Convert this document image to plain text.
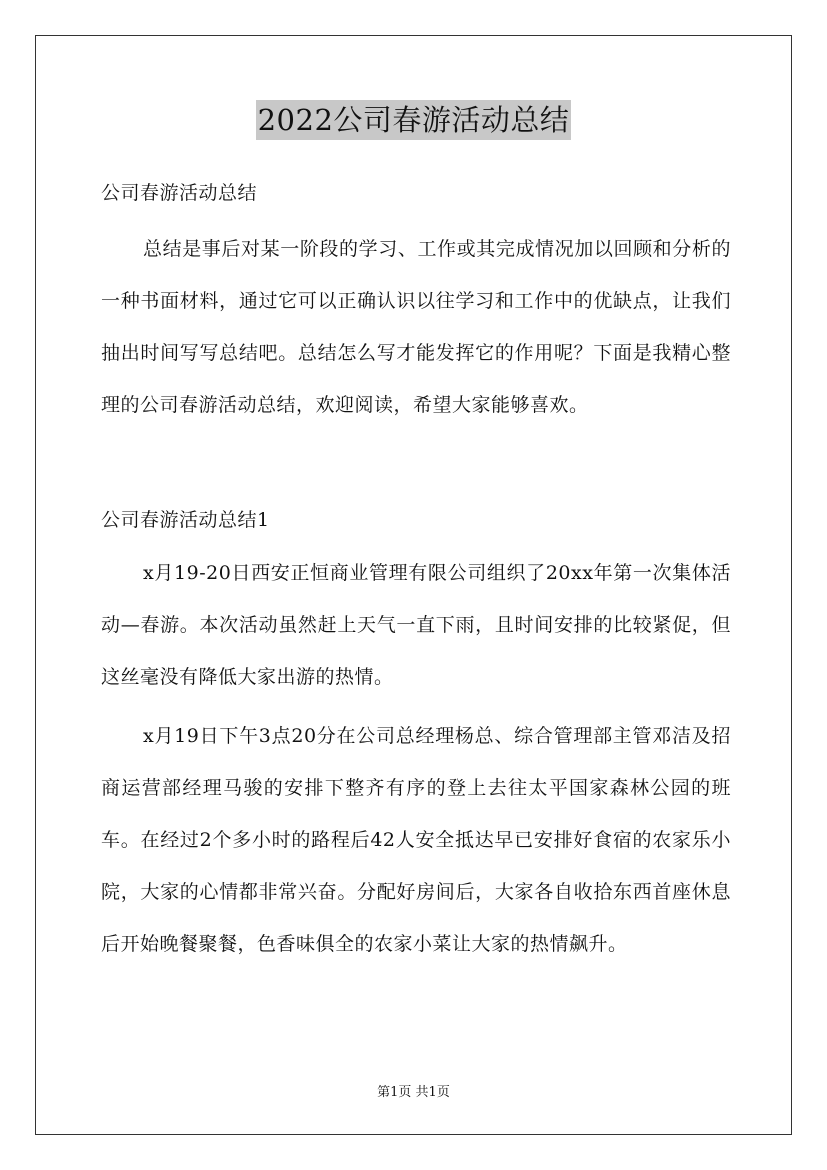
2022公司春游活动总结

公司春游活动总结

总结是事后对某一阶段的学习、工作或其完成情况加以回顾和分析的一种书面材料，通过它可以正确认识以往学习和工作中的优缺点，让我们抽出时间写写总结吧。总结怎么写才能发挥它的作用呢？下面是我精心整理的公司春游活动总结，欢迎阅读，希望大家能够喜欢。

公司春游活动总结1

x月19-20日西安正恒商业管理有限公司组织了20xx年第一次集体活动—春游。本次活动虽然赶上天气一直下雨，且时间安排的比较紧促，但这丝毫没有降低大家出游的热情。

x月19日下午3点20分在公司总经理杨总、综合管理部主管邓洁及招商运营部经理马骏的安排下整齐有序的登上去往太平国家森林公园的班车。在经过2个多小时的路程后42人安全抵达早已安排好食宿的农家乐小院，大家的心情都非常兴奋。分配好房间后，大家各自收拾东西首座休息后开始晚餐聚餐，色香味俱全的农家小菜让大家的热情飙升。

第1页 共1页
